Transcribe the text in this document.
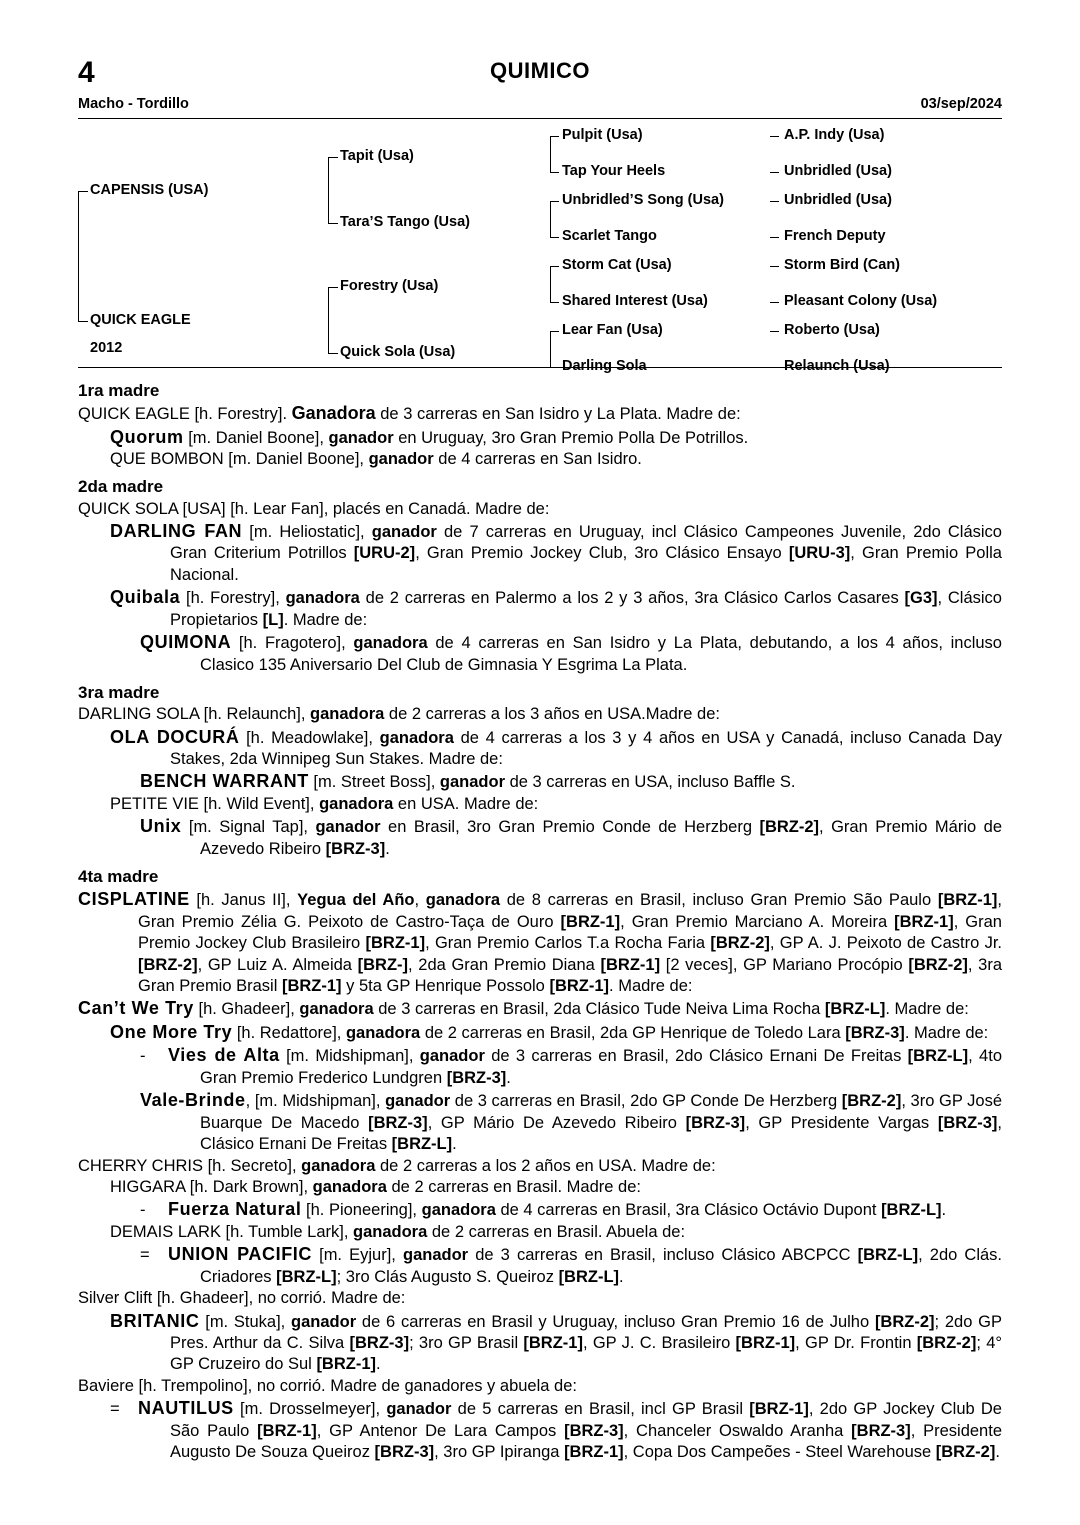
4	QUIMICO
Macho - Tordillo	03/sep/2024
CAPENSIS (USA)
QUICK EAGLE
2012
Tapit (Usa)
Tara’S Tango (Usa)
Forestry (Usa)
Quick Sola (Usa)
Pulpit (Usa)
Tap Your Heels
Unbridled’S Song (Usa)
Scarlet Tango
Storm Cat (Usa)
Shared Interest (Usa)
Lear Fan (Usa)
Darling Sola
A.P. Indy (Usa)
Unbridled (Usa)
Unbridled (Usa)
French Deputy
Storm Bird (Can)
Pleasant Colony (Usa)
Roberto (Usa)
Relaunch (Usa)
1ra madre

QUICK EAGLE [h. Forestry]. Ganadora de 3 carreras en San Isidro y La Plata. Madre de:

Quorum [m. Daniel Boone], ganador en Uruguay, 3ro Gran Premio Polla De Potrillos.

QUE BOMBON [m. Daniel Boone], ganador de 4 carreras en San Isidro.

2da madre

QUICK SOLA [USA] [h. Lear Fan], placés en Canadá. Madre de:

DARLING FAN [m. Heliostatic], ganador de 7 carreras en Uruguay, incl Clásico Campeones Juvenile, 2do Clásico Gran Criterium Potrillos [URU-2], Gran Premio Jockey Club, 3ro Clásico Ensayo [URU-3], Gran Premio Polla Nacional.

Quibala [h. Forestry], ganadora de 2 carreras en Palermo a los 2 y 3 años, 3ra Clásico Carlos Casares [G3], Clásico Propietarios [L]. Madre de:

QUIMONA [h. Fragotero], ganadora de 4 carreras en San Isidro y La Plata, debutando, a los 4 años, incluso Clasico 135 Aniversario Del Club de Gimnasia Y Esgrima La Plata.

3ra madre

DARLING SOLA [h. Relaunch], ganadora de 2 carreras a los 3 años en USA.Madre de:

OLA DOCURÁ [h. Meadowlake], ganadora de 4 carreras a los 3 y 4 años en USA y Canadá, incluso Canada Day Stakes, 2da Winnipeg Sun Stakes. Madre de:

BENCH WARRANT [m. Street Boss], ganador de 3 carreras en USA, incluso Baffle S.

PETITE VIE [h. Wild Event], ganadora en USA. Madre de:

Unix [m. Signal Tap], ganador en Brasil, 3ro Gran Premio Conde de Herzberg [BRZ-2], Gran Premio Mário de Azevedo Ribeiro [BRZ-3].

4ta madre

CISPLATINE [h. Janus II], Yegua del Año, ganadora de 8 carreras en Brasil, incluso Gran Premio São Paulo [BRZ-1], Gran Premio Zélia G. Peixoto de Castro-Taça de Ouro [BRZ-1], Gran Premio Marciano A. Moreira [BRZ-1], Gran Premio Jockey Club Brasileiro [BRZ-1], Gran Premio Carlos T.a Rocha Faria [BRZ-2], GP A. J. Peixoto de Castro Jr. [BRZ-2], GP Luiz A. Almeida [BRZ-], 2da Gran Premio Diana [BRZ-1] [2 veces], GP Mariano Procópio [BRZ-2], 3ra Gran Premio Brasil [BRZ-1] y 5ta GP Henrique Possolo [BRZ-1]. Madre de:

Can’t We Try [h. Ghadeer], ganadora de 3 carreras en Brasil, 2da Clásico Tude Neiva Lima Rocha [BRZ-L]. Madre de:

One More Try [h. Redattore], ganadora de 2 carreras en Brasil, 2da GP Henrique de Toledo Lara [BRZ-3]. Madre de:

- Vies de Alta [m. Midshipman], ganador de 3 carreras en Brasil, 2do Clásico Ernani De Freitas [BRZ-L], 4to Gran Premio Frederico Lundgren [BRZ-3].

Vale-Brinde, [m. Midshipman], ganador de 3 carreras en Brasil, 2do GP Conde De Herzberg [BRZ-2], 3ro GP José Buarque De Macedo [BRZ-3], GP Mário De Azevedo Ribeiro [BRZ-3], GP Presidente Vargas [BRZ-3], Clásico Ernani De Freitas [BRZ-L].

CHERRY CHRIS [h. Secreto], ganadora de 2 carreras a los 2 años en USA. Madre de:

HIGGARA [h. Dark Brown], ganadora de 2 carreras en Brasil. Madre de:

- Fuerza Natural [h. Pioneering], ganadora de 4 carreras en Brasil, 3ra Clásico Octávio Dupont [BRZ-L].

DEMAIS LARK [h. Tumble Lark], ganadora de 2 carreras en Brasil. Abuela de:

= UNION PACIFIC [m. Eyjur], ganador de 3 carreras en Brasil, incluso Clásico ABCPCC [BRZ-L], 2do Clás. Criadores [BRZ-L]; 3ro Clás Augusto S. Queiroz [BRZ-L].

Silver Clift [h. Ghadeer], no corrió. Madre de:

BRITANIC [m. Stuka], ganador de 6 carreras en Brasil y Uruguay, incluso Gran Premio 16 de Julho [BRZ-2]; 2do GP Pres. Arthur da C. Silva [BRZ-3]; 3ro GP Brasil [BRZ-1], GP J. C. Brasileiro [BRZ-1], GP Dr. Frontin [BRZ-2]; 4° GP Cruzeiro do Sul [BRZ-1].

Baviere [h. Trempolino], no corrió. Madre de ganadores y abuela de:

= NAUTILUS [m. Drosselmeyer], ganador de 5 carreras en Brasil, incl GP Brasil [BRZ-1], 2do GP Jockey Club De São Paulo [BRZ-1], GP Antenor De Lara Campos [BRZ-3], Chanceler Oswaldo Aranha [BRZ-3], Presidente Augusto De Souza Queiroz [BRZ-3], 3ro GP Ipiranga [BRZ-1], Copa Dos Campeões - Steel Warehouse [BRZ-2].
